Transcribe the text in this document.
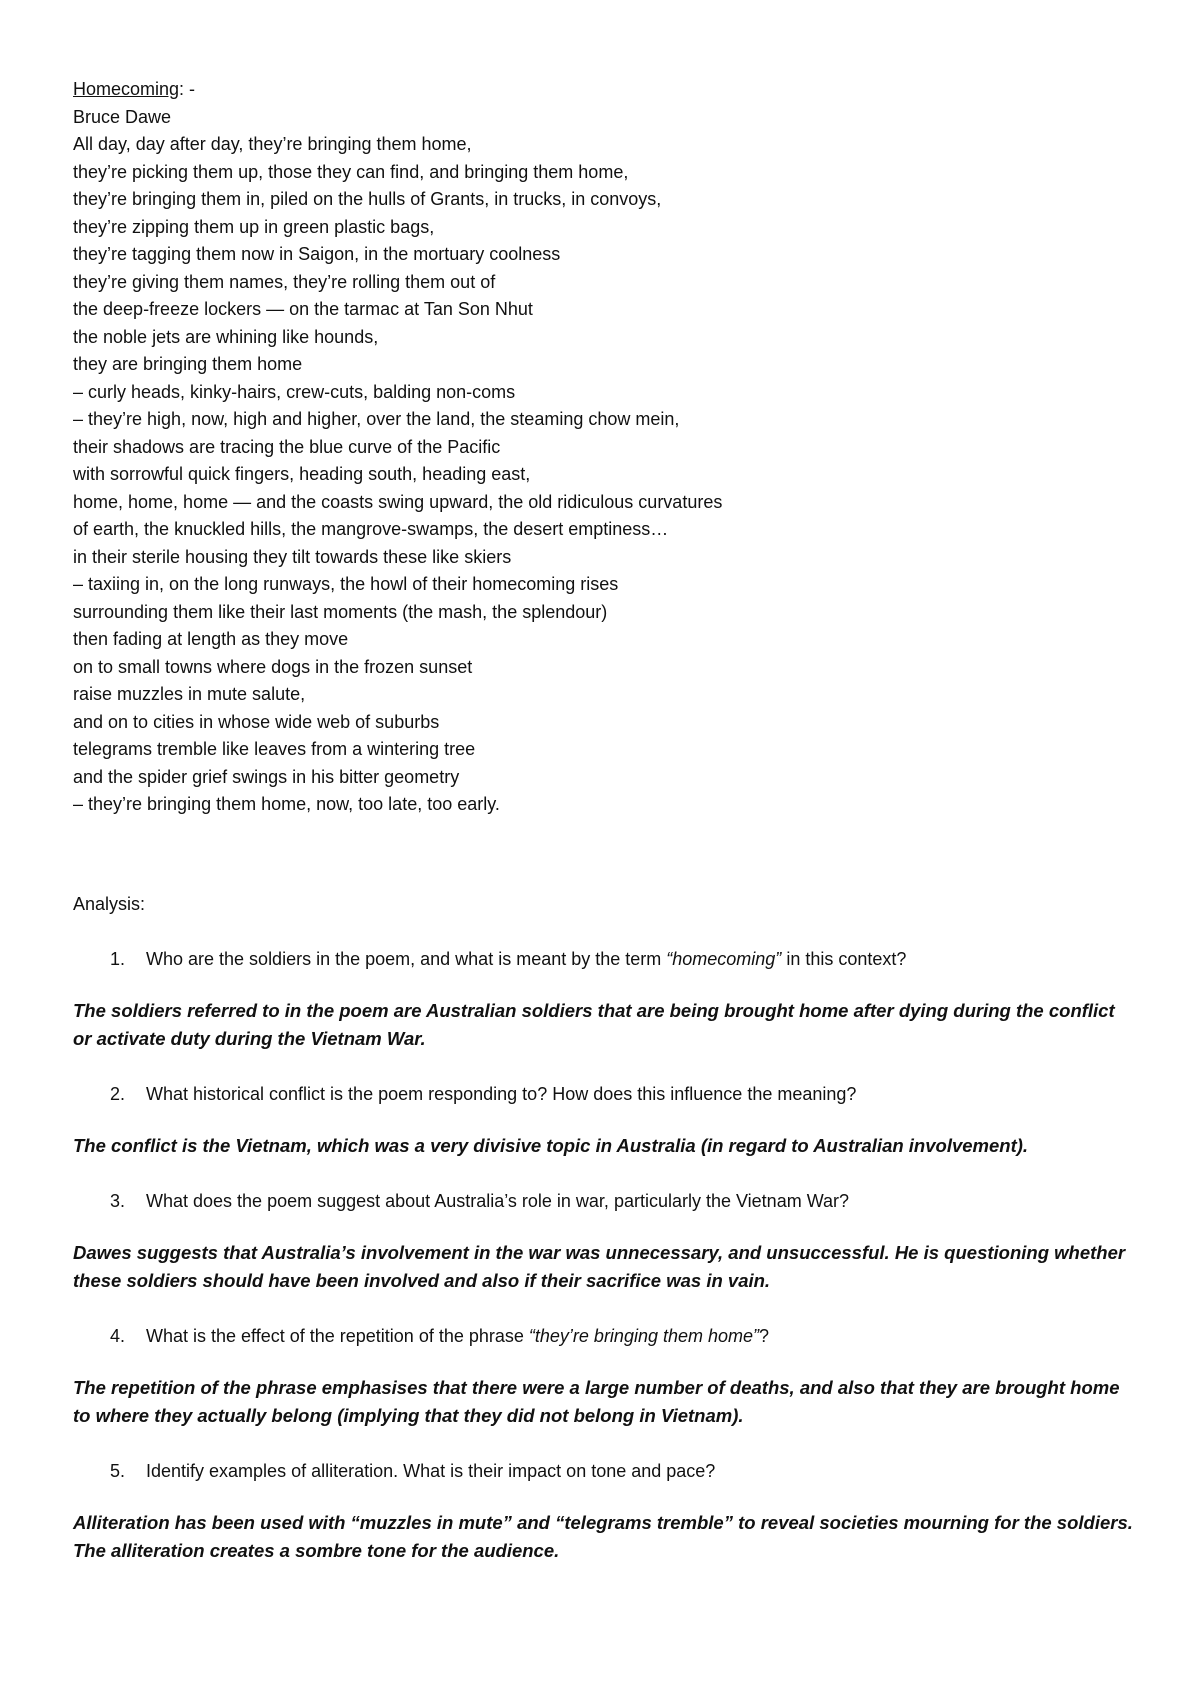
Homecoming: -
Bruce Dawe
All day, day after day, they’re bringing them home,
they’re picking them up, those they can find, and bringing them home,
they’re bringing them in, piled on the hulls of Grants, in trucks, in convoys,
they’re zipping them up in green plastic bags,
they’re tagging them now in Saigon, in the mortuary coolness
they’re giving them names, they’re rolling them out of
the deep-freeze lockers — on the tarmac at Tan Son Nhut
the noble jets are whining like hounds,
they are bringing them home
– curly heads, kinky-hairs, crew-cuts, balding non-coms
– they’re high, now, high and higher, over the land, the steaming chow mein,
their shadows are tracing the blue curve of the Pacific
with sorrowful quick fingers, heading south, heading east,
home, home, home — and the coasts swing upward, the old ridiculous curvatures
of earth, the knuckled hills, the mangrove-swamps, the desert emptiness…
in their sterile housing they tilt towards these like skiers
– taxiing in, on the long runways, the howl of their homecoming rises
surrounding them like their last moments (the mash, the splendour)
then fading at length as they move
on to small towns where dogs in the frozen sunset
raise muzzles in mute salute,
and on to cities in whose wide web of suburbs
telegrams tremble like leaves from a wintering tree
and the spider grief swings in his bitter geometry
– they’re bringing them home, now, too late, too early.
Analysis:
1. Who are the soldiers in the poem, and what is meant by the term “homecoming” in this context?
The soldiers referred to in the poem are Australian soldiers that are being brought home after dying during the conflict or activate duty during the Vietnam War.
2. What historical conflict is the poem responding to? How does this influence the meaning?
The conflict is the Vietnam, which was a very divisive topic in Australia (in regard to Australian involvement).
3. What does the poem suggest about Australia’s role in war, particularly the Vietnam War?
Dawes suggests that Australia’s involvement in the war was unnecessary, and unsuccessful. He is questioning whether these soldiers should have been involved and also if their sacrifice was in vain.
4. What is the effect of the repetition of the phrase “they’re bringing them home”?
The repetition of the phrase emphasises that there were a large number of deaths, and also that they are brought home to where they actually belong (implying that they did not belong in Vietnam).
5. Identify examples of alliteration. What is their impact on tone and pace?
Alliteration has been used with “muzzles in mute” and “telegrams tremble” to reveal societies mourning for the soldiers. The alliteration creates a sombre tone for the audience.
